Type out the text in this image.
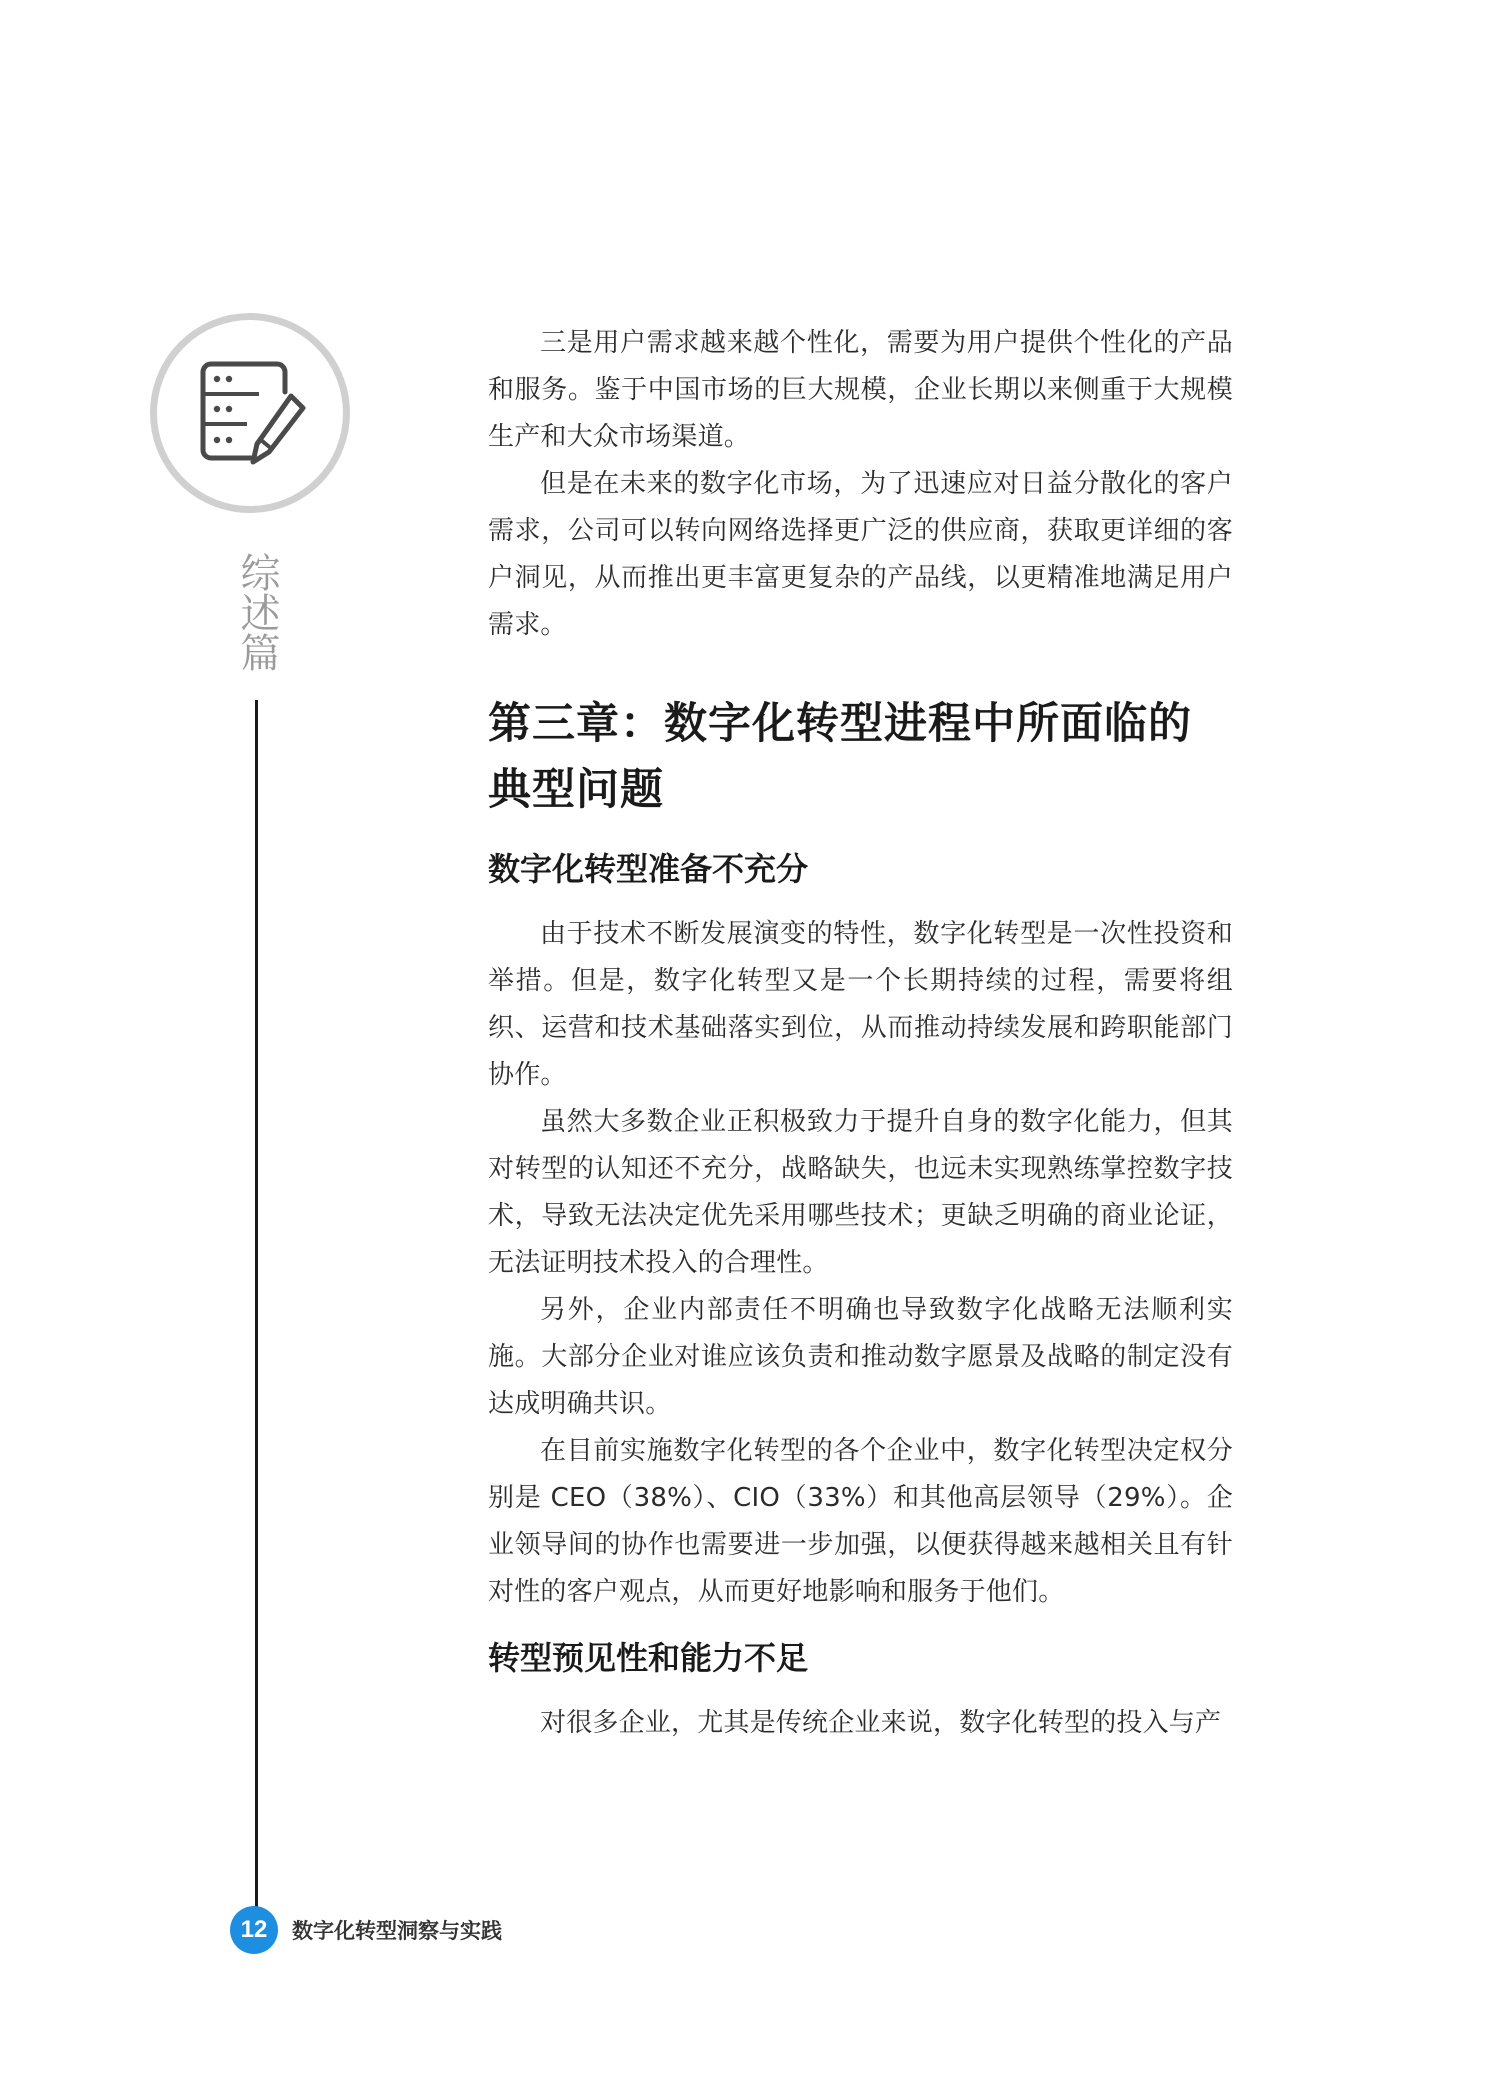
综述篇

三是用户需求越来越个性化，需要为用户提供个性化的产品和服务。鉴于中国市场的巨大规模，企业长期以来侧重于大规模生产和大众市场渠道。

但是在未来的数字化市场，为了迅速应对日益分散化的客户需求，公司可以转向网络选择更广泛的供应商，获取更详细的客户洞见，从而推出更丰富更复杂的产品线，以更精准地满足用户需求。

第三章：数字化转型进程中所面临的典型问题
数字化转型准备不充分

由于技术不断发展演变的特性，数字化转型是一次性投资和举措。但是，数字化转型又是一个长期持续的过程，需要将组织、运营和技术基础落实到位，从而推动持续发展和跨职能部门协作。

虽然大多数企业正积极致力于提升自身的数字化能力，但其对转型的认知还不充分，战略缺失，也远未实现熟练掌控数字技术，导致无法决定优先采用哪些技术；更缺乏明确的商业论证，无法证明技术投入的合理性。

另外，企业内部责任不明确也导致数字化战略无法顺利实施。大部分企业对谁应该负责和推动数字愿景及战略的制定没有达成明确共识。

在目前实施数字化转型的各个企业中，数字化转型决定权分别是 CEO（38%）、CIO（33%）和其他高层领导（29%）。企业领导间的协作也需要进一步加强，以便获得越来越相关且有针对性的客户观点，从而更好地影响和服务于他们。

转型预见性和能力不足

对很多企业，尤其是传统企业来说，数字化转型的投入与产

12	数字化转型洞察与实践
